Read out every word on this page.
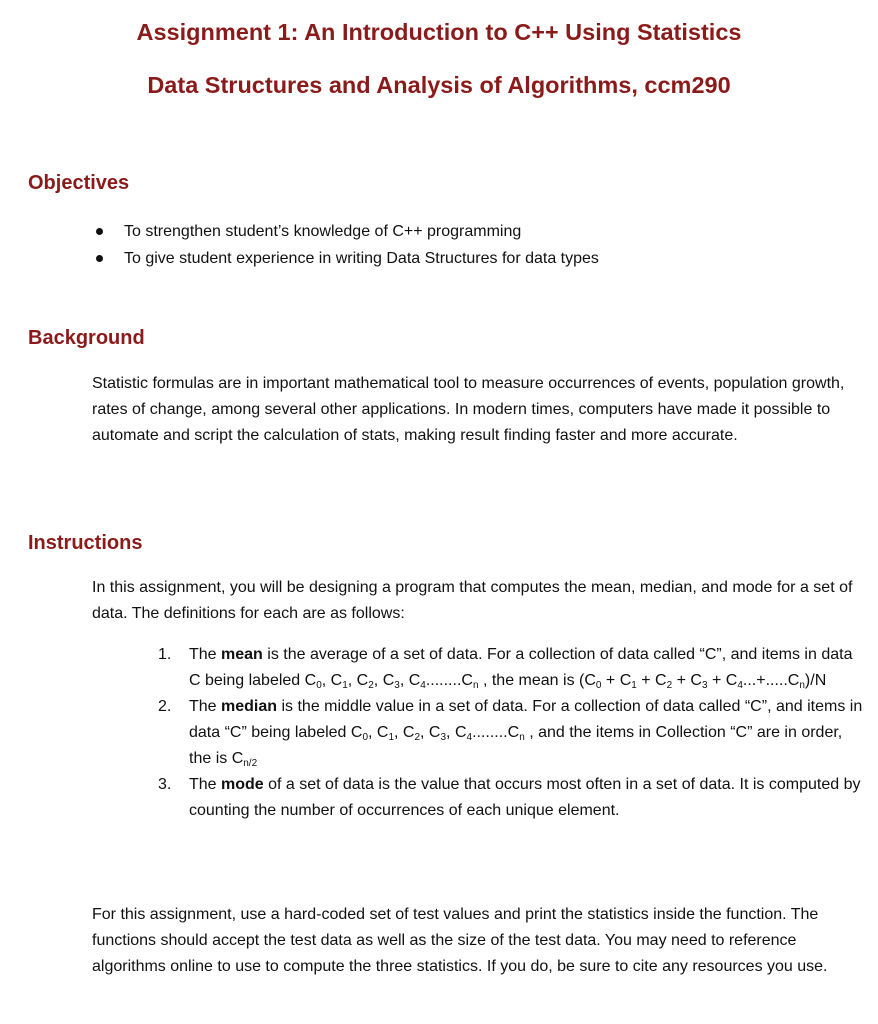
Assignment 1: An Introduction to C++ Using Statistics
Data Structures and Analysis of Algorithms, ccm290
Objectives
To strengthen student’s knowledge of C++ programming
To give student experience in writing Data Structures for data types
Background

Statistic formulas are in important mathematical tool to measure occurrences of events, population growth, rates of change, among several other applications. In modern times, computers have made it possible to automate and script the calculation of stats, making result finding faster and more accurate.

Instructions

In this assignment, you will be designing a program that computes the mean, median, and mode for a set of data. The definitions for each are as follows:

1. The mean is the average of a set of data. For a collection of data called “C”, and items in data C being labeled $C_0$, $C_1$, $C_2$, $C_3$, $C_4........C_n$ , the mean is $(C_0 + C_1 + C_2 + C_3 + C_4...+.....C_n)/N$
2. The median is the middle value in a set of data. For a collection of data called “C”, and items in data “C” being labeled $C_0$, $C_1$, $C_2$, $C_3$, $C_4........C_n$ , and the items in Collection “C” are in order, the is $C_{n/2}$
3. The mode of a set of data is the value that occurs most often in a set of data. It is computed by counting the number of occurrences of each unique element.

For this assignment, use a hard-coded set of test values and print the statistics inside the function. The functions should accept the test data as well as the size of the test data. You may need to reference algorithms online to use to compute the three statistics. If you do, be sure to cite any resources you use.
